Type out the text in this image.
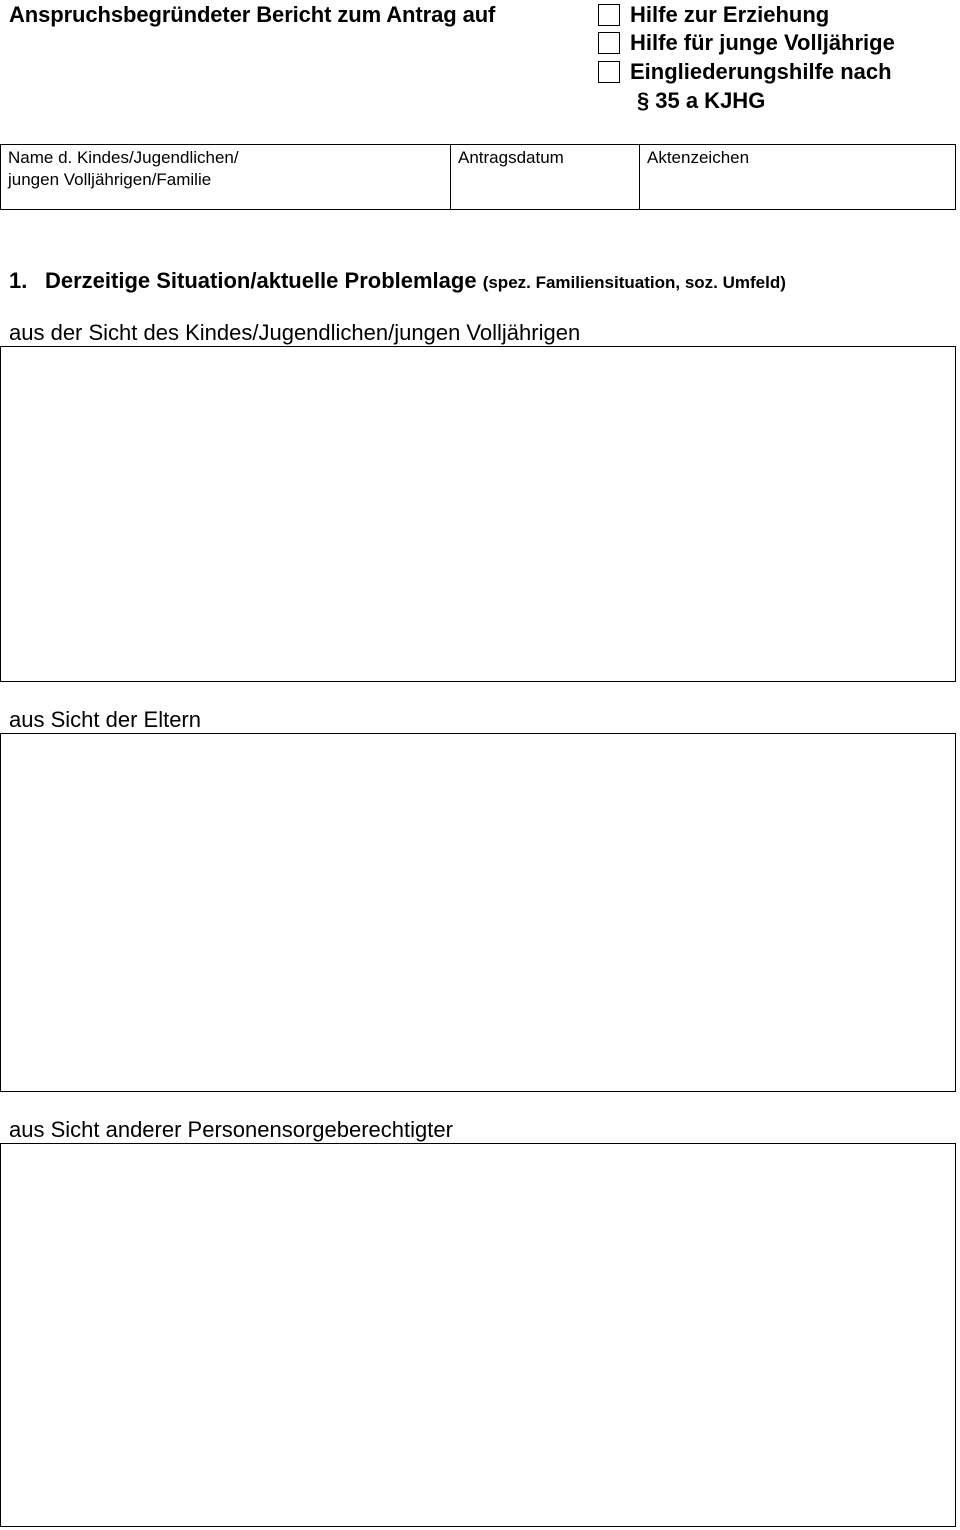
Anspruchsbegründeter Bericht zum Antrag auf	Hilfe zur Erziehung
Hilfe für junge Volljährige
Eingliederungshilfe nach
§ 35 a KJHG
Name d. Kindes/Jugendlichen/
jungen Volljährigen/Familie
Antragsdatum	Aktenzeichen
1. Derzeitige Situation/aktuelle Problemlage (spez. Familiensituation, soz. Umfeld)
aus der Sicht des Kindes/Jugendlichen/jungen Volljährigen
aus Sicht der Eltern
aus Sicht anderer Personensorgeberechtigter
